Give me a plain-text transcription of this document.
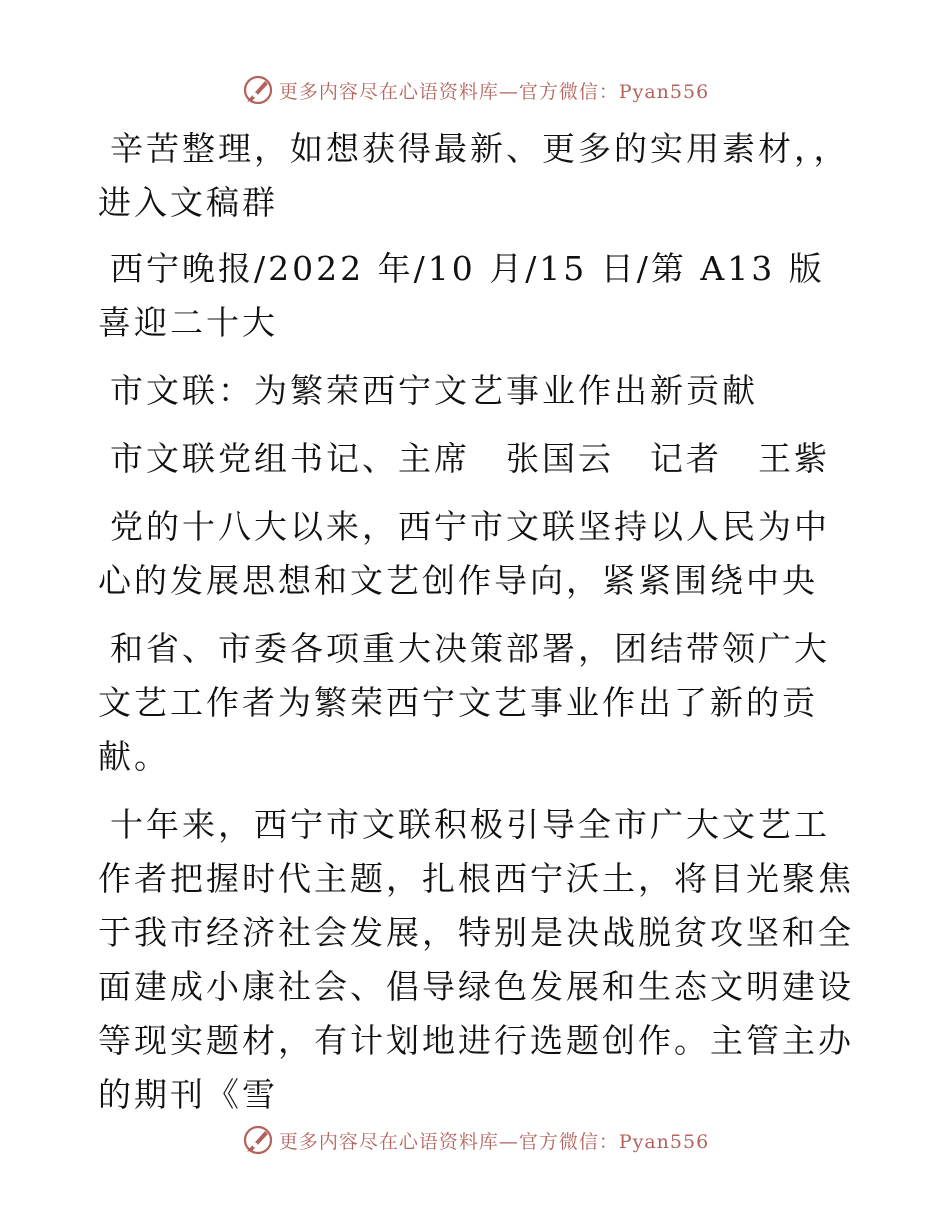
更多内容尽在心语资料库—官方微信：Pyan556

辛苦整理，如想获得最新、更多的实用素材，，进入文稿群

西宁晚报/2022 年/10 月/15 日/第 A13 版喜迎二十大

市文联：为繁荣西宁文艺事业作出新贡献

市文联党组书记、主席　张国云　记者　王紫

党的十八大以来，西宁市文联坚持以人民为中心的发展思想和文艺创作导向，紧紧围绕中央

和省、市委各项重大决策部署，团结带领广大文艺工作者为繁荣西宁文艺事业作出了新的贡献。

十年来，西宁市文联积极引导全市广大文艺工作者把握时代主题，扎根西宁沃土，将目光聚焦于我市经济社会发展，特别是决战脱贫攻坚和全面建成小康社会、倡导绿色发展和生态文明建设等现实题材，有计划地进行选题创作。主管主办的期刊《雪

更多内容尽在心语资料库—官方微信：Pyan556
